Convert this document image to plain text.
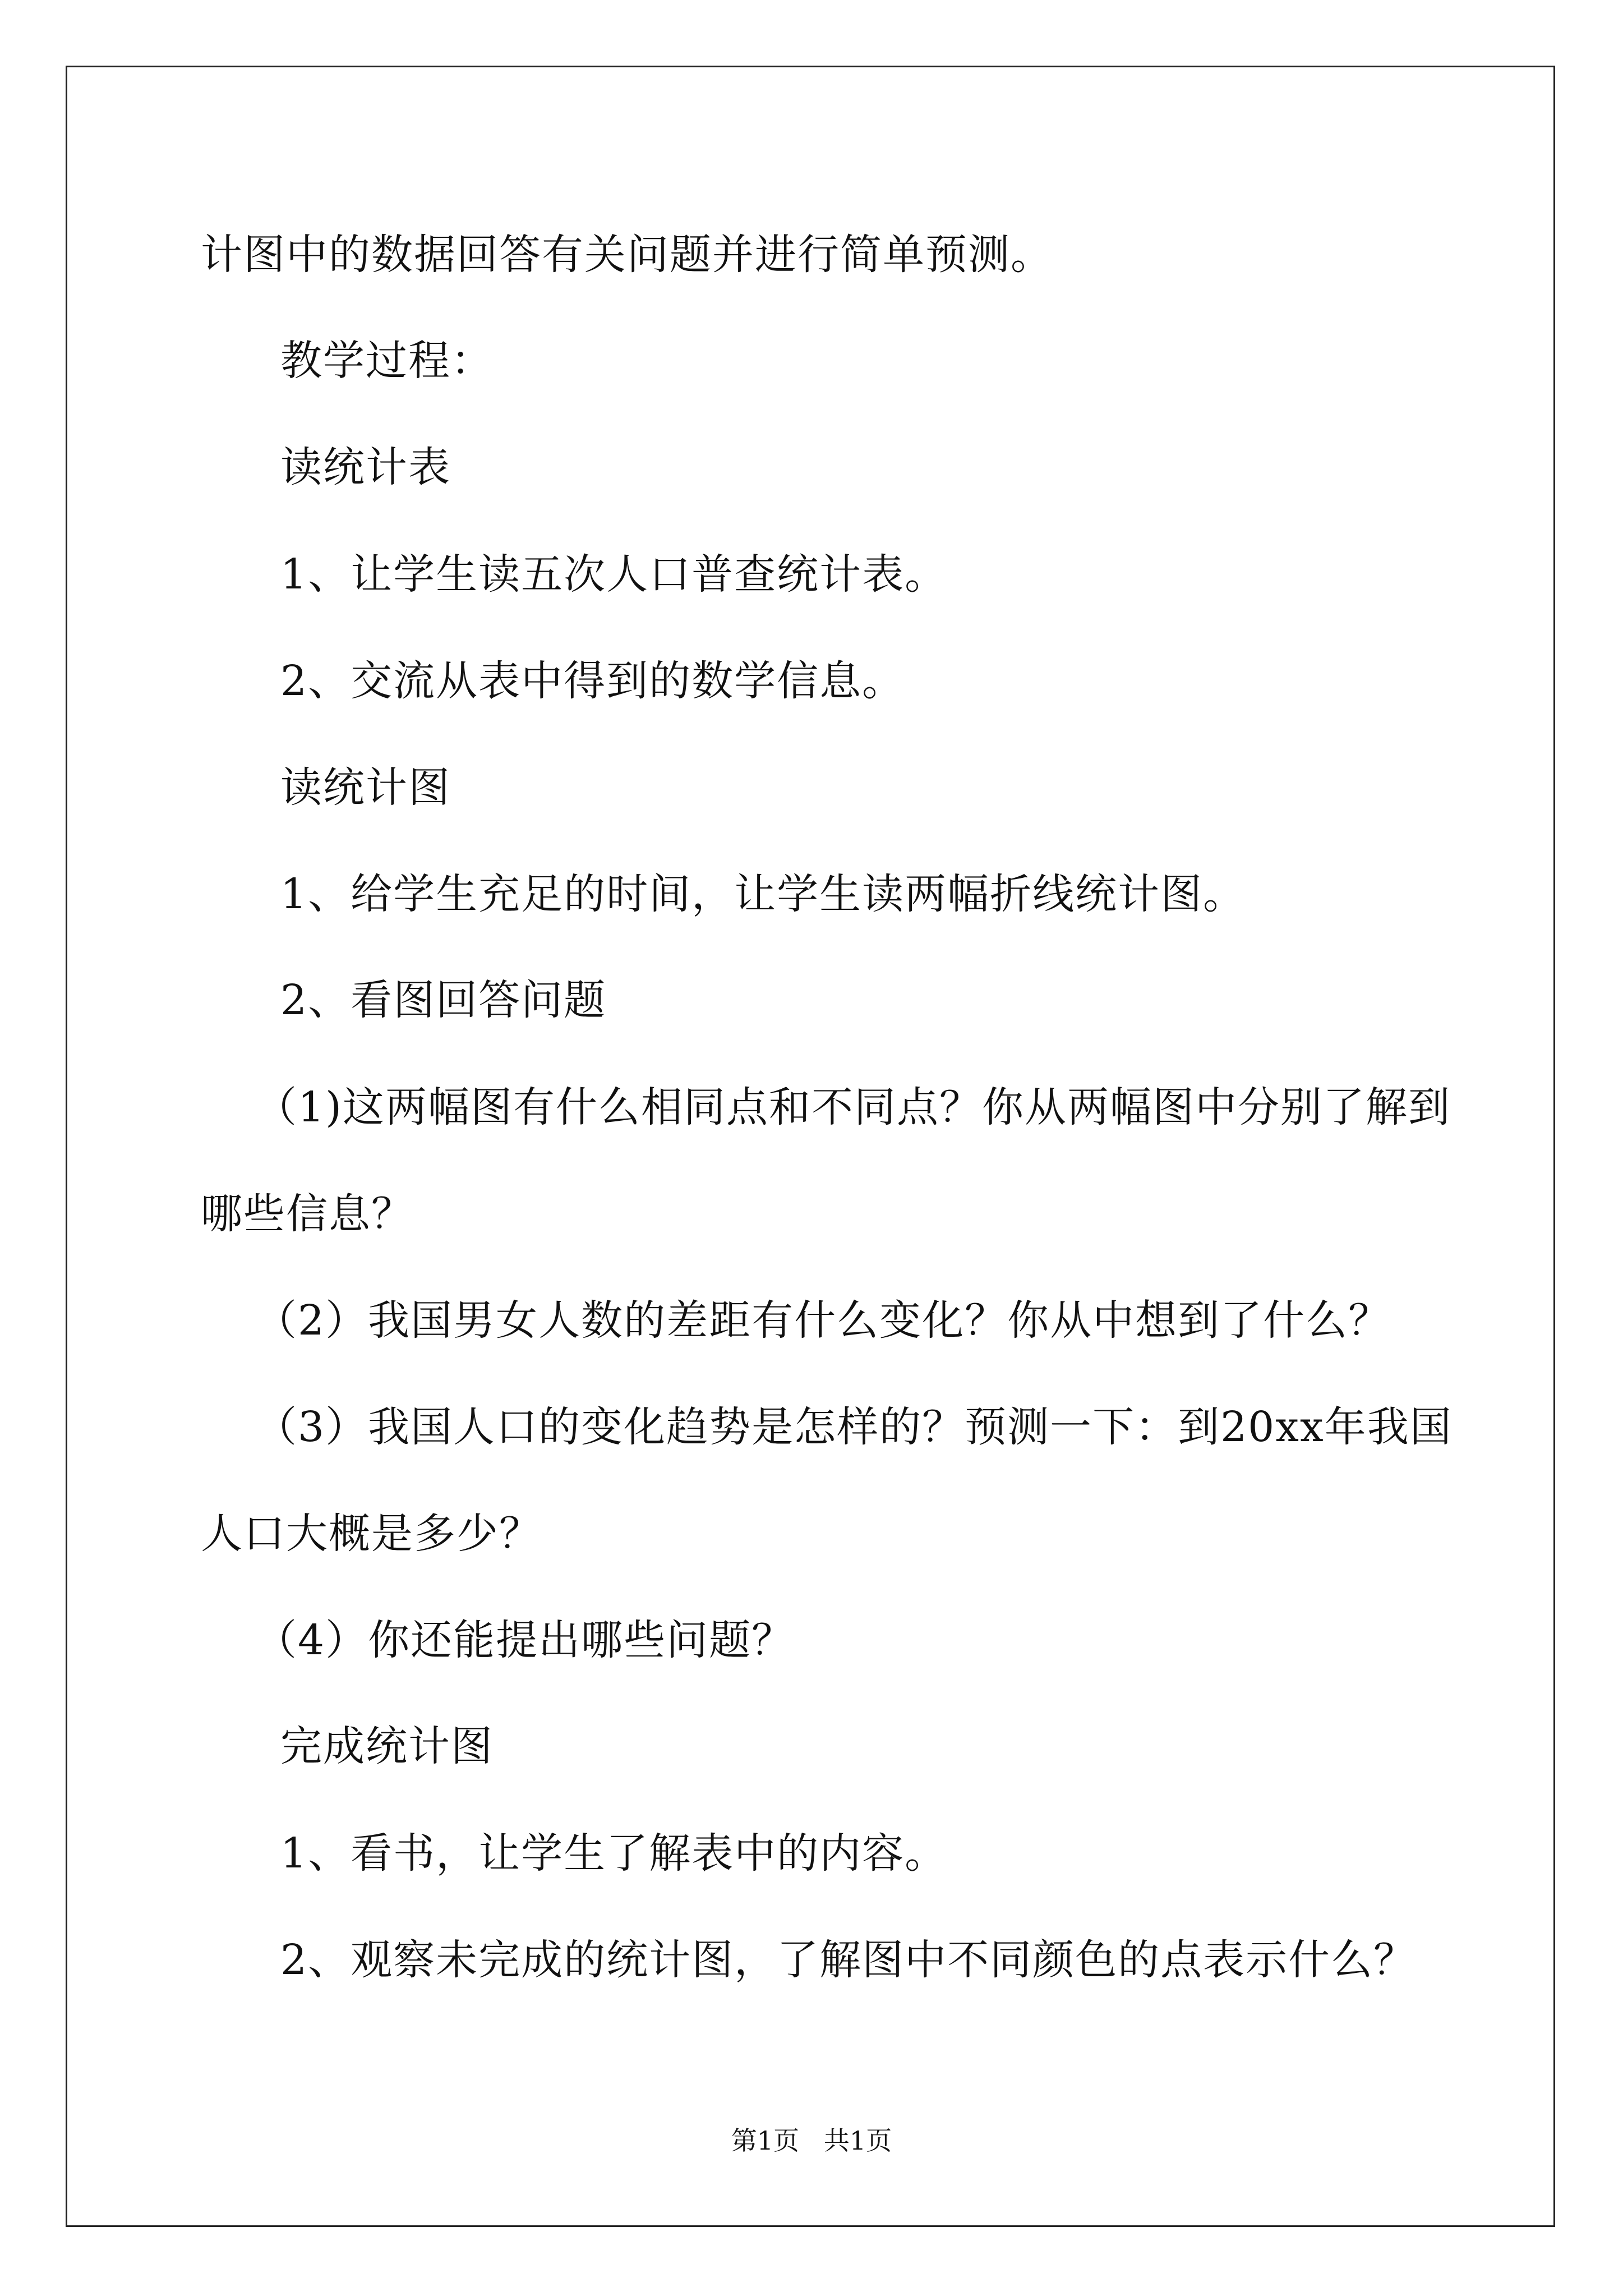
计图中的数据回答有关问题并进行简单预测。
教学过程：
读统计表
1、让学生读五次人口普查统计表。
2、交流从表中得到的数学信息。
读统计图
1、给学生充足的时间，让学生读两幅折线统计图。
2、看图回答问题
（1)这两幅图有什么相同点和不同点？你从两幅图中分别了解到
哪些信息？
（2）我国男女人数的差距有什么变化？你从中想到了什么？
（3）我国人口的变化趋势是怎样的？预测一下：到20xx年我国
人口大概是多少？
（4）你还能提出哪些问题？
完成统计图
1、看书，让学生了解表中的内容。
2、观察未完成的统计图，了解图中不同颜色的点表示什么？
第1页   共1页
